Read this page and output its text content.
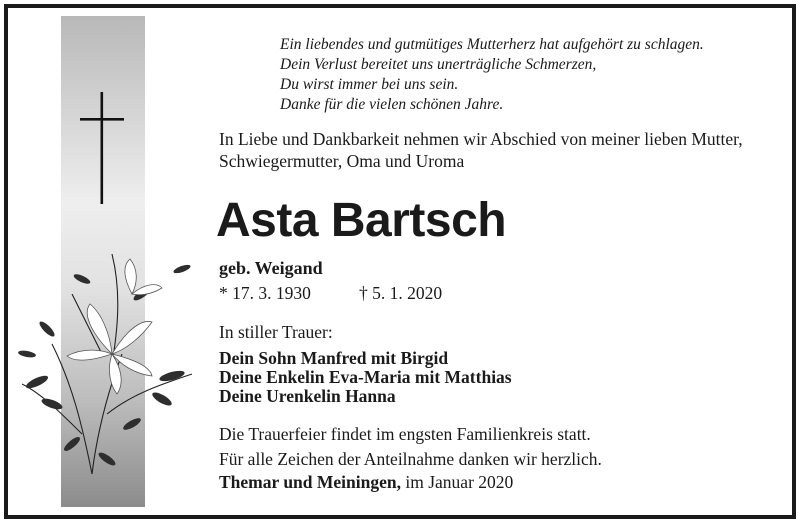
Ein liebendes und gutmütiges Mutterherz hat aufgehört zu schlagen.
Dein Verlust bereitet uns unerträgliche Schmerzen,
Du wirst immer bei uns sein.
Danke für die vielen schönen Jahre.
In Liebe und Dankbarkeit nehmen wir Abschied von meiner lieben Mutter, Schwiegermutter, Oma und Uroma
Asta Bartsch
geb. Weigand
* 17. 3. 1930	† 5. 1. 2020
In stiller Trauer:
Dein Sohn Manfred mit Birgid
Deine Enkelin Eva-Maria mit Matthias
Deine Urenkelin Hanna
Die Trauerfeier findet im engsten Familienkreis statt.
Für alle Zeichen der Anteilnahme danken wir herzlich.
Themar und Meiningen, im Januar 2020
